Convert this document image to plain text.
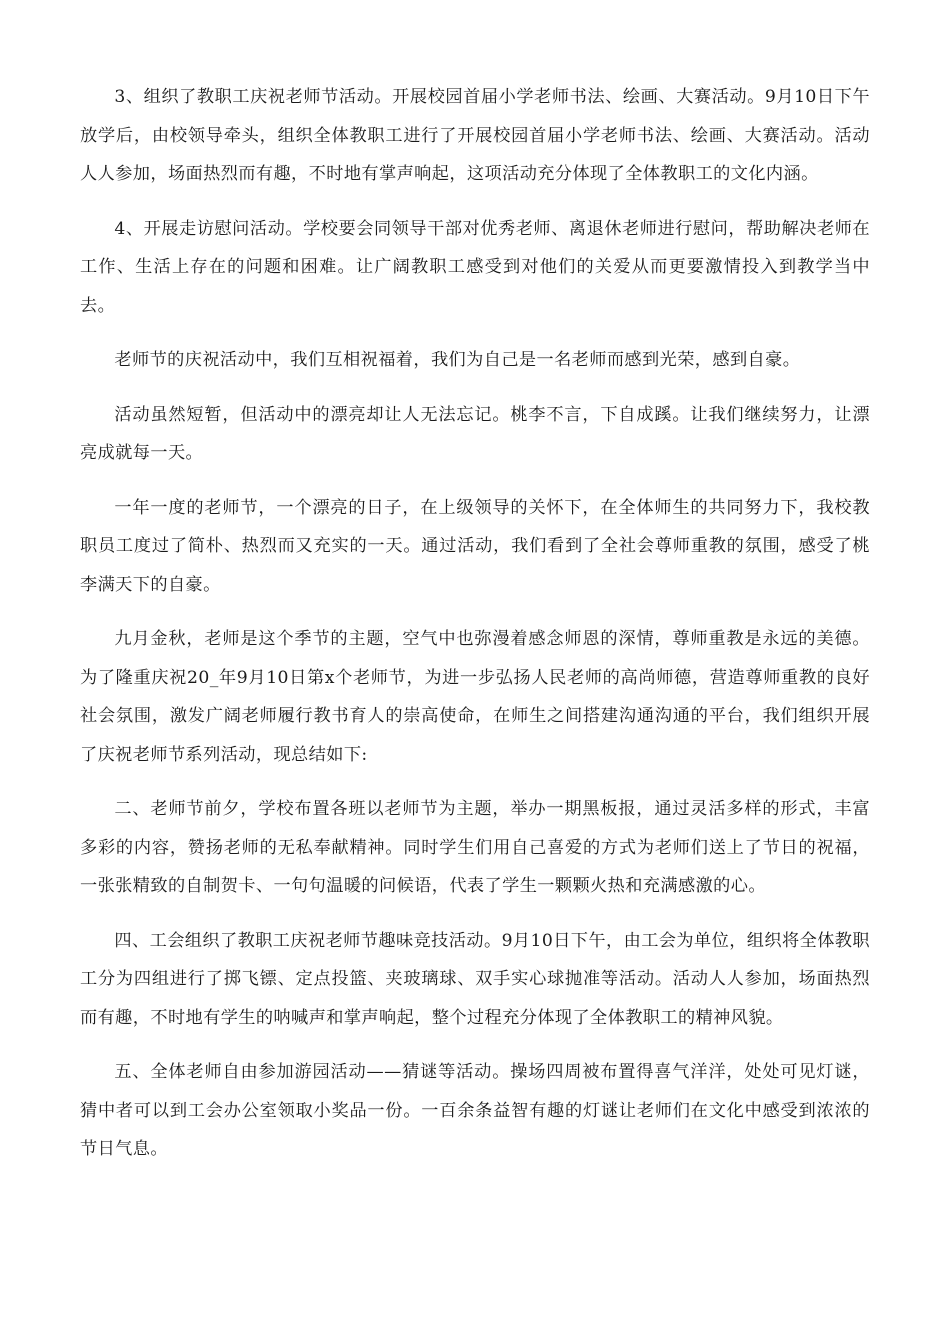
3、组织了教职工庆祝老师节活动。开展校园首届小学老师书法、绘画、大赛活动。9月10日下午放学后，由校领导牵头，组织全体教职工进行了开展校园首届小学老师书法、绘画、大赛活动。活动人人参加，场面热烈而有趣，不时地有掌声响起，这项活动充分体现了全体教职工的文化内涵。

4、开展走访慰问活动。学校要会同领导干部对优秀老师、离退休老师进行慰问，帮助解决老师在工作、生活上存在的问题和困难。让广阔教职工感受到对他们的关爱从而更要激情投入到教学当中去。

老师节的庆祝活动中，我们互相祝福着，我们为自己是一名老师而感到光荣，感到自豪。

活动虽然短暂，但活动中的漂亮却让人无法忘记。桃李不言，下自成蹊。让我们继续努力，让漂亮成就每一天。

一年一度的老师节，一个漂亮的日子，在上级领导的关怀下，在全体师生的共同努力下，我校教职员工度过了简朴、热烈而又充实的一天。通过活动，我们看到了全社会尊师重教的氛围，感受了桃李满天下的自豪。

九月金秋，老师是这个季节的主题，空气中也弥漫着感念师恩的深情，尊师重教是永远的美德。为了隆重庆祝20_年9月10日第x个老师节，为进一步弘扬人民老师的高尚师德，营造尊师重教的良好社会氛围，激发广阔老师履行教书育人的崇高使命，在师生之间搭建沟通沟通的平台，我们组织开展了庆祝老师节系列活动，现总结如下:

二、老师节前夕，学校布置各班以老师节为主题，举办一期黑板报，通过灵活多样的形式，丰富多彩的内容，赞扬老师的无私奉献精神。同时学生们用自己喜爱的方式为老师们送上了节日的祝福，一张张精致的自制贺卡、一句句温暖的问候语，代表了学生一颗颗火热和充满感激的心。

四、工会组织了教职工庆祝老师节趣味竞技活动。9月10日下午，由工会为单位，组织将全体教职工分为四组进行了掷飞镖、定点投篮、夹玻璃球、双手实心球抛准等活动。活动人人参加，场面热烈而有趣，不时地有学生的呐喊声和掌声响起，整个过程充分体现了全体教职工的精神风貌。

五、全体老师自由参加游园活动——猜谜等活动。操场四周被布置得喜气洋洋，处处可见灯谜，猜中者可以到工会办公室领取小奖品一份。一百余条益智有趣的灯谜让老师们在文化中感受到浓浓的节日气息。
